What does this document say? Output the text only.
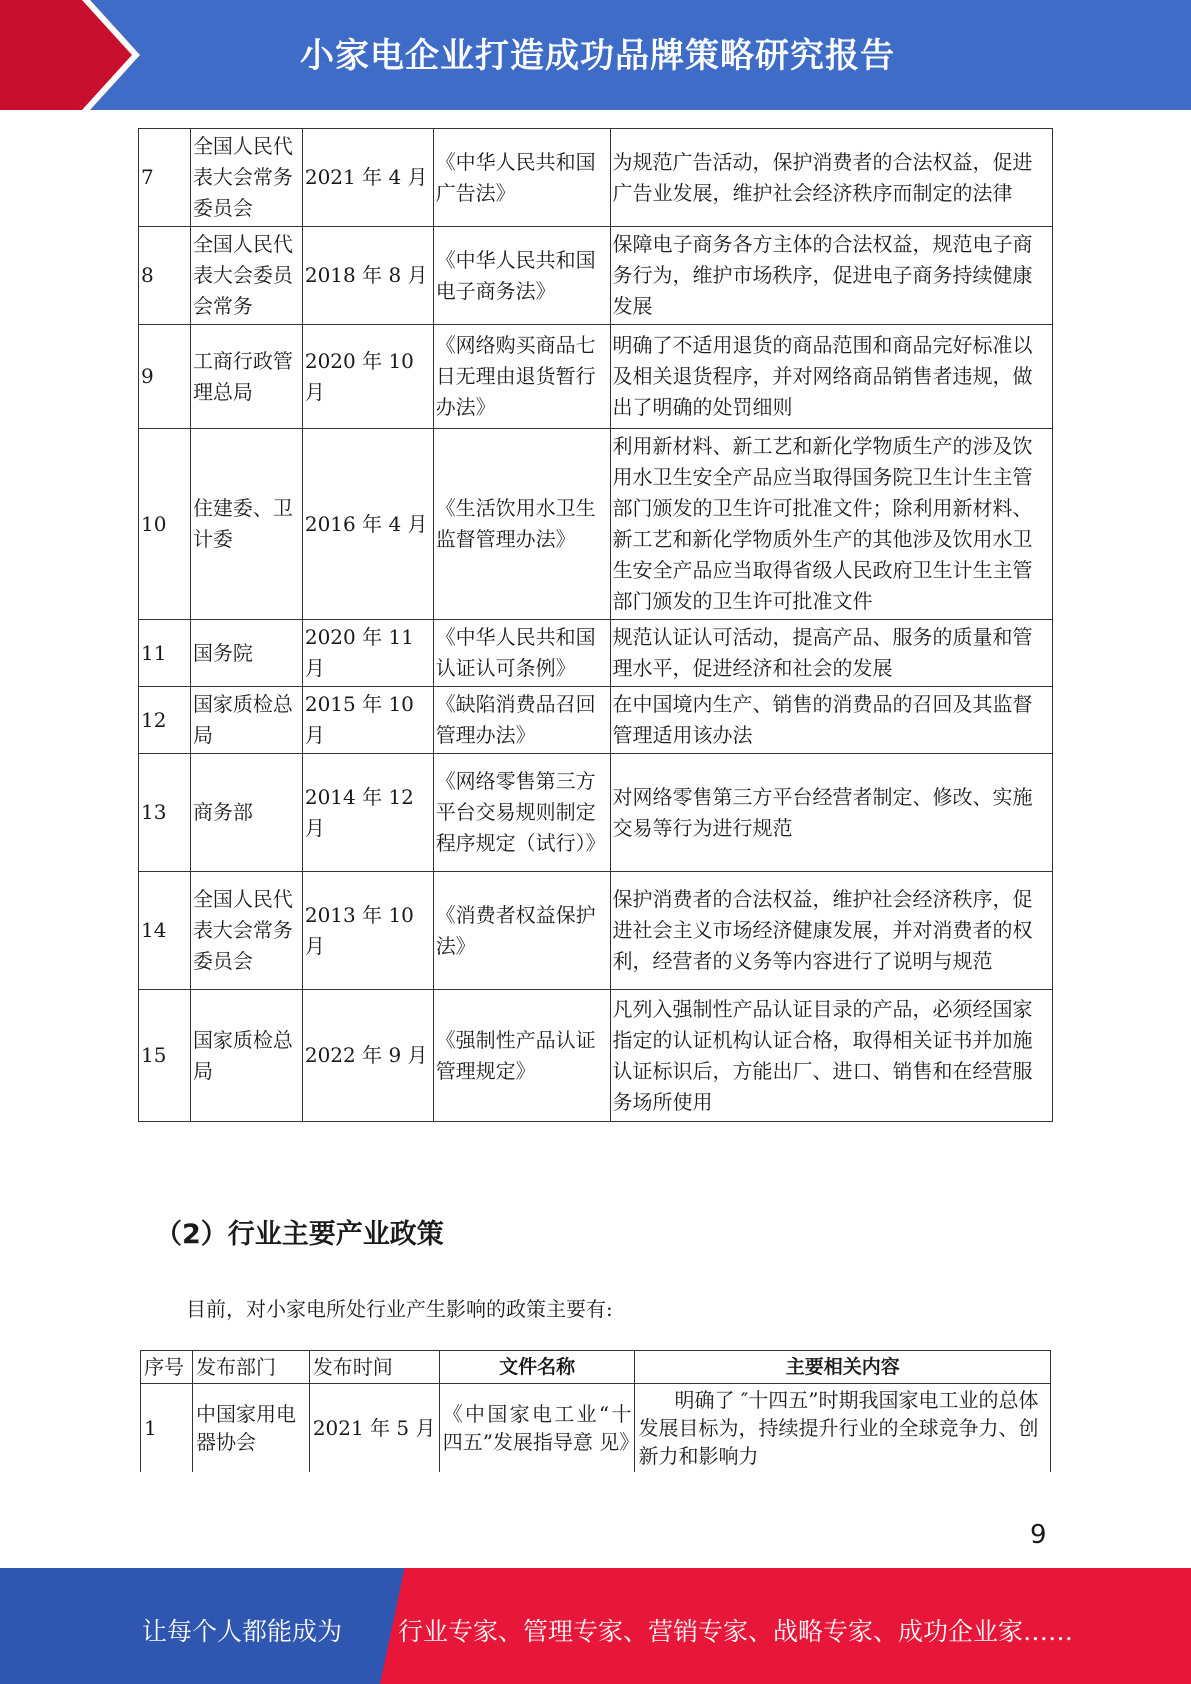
小家电企业打造成功品牌策略研究报告
7	全国人民代表大会常务委员会	2021 年 4 月	《中华人民共和国广告法》	为规范广告活动，保护消费者的合法权益，促进广告业发展，维护社会经济秩序而制定的法律
8	全国人民代表大会委员会常务	2018 年 8 月	《中华人民共和国电子商务法》	保障电子商务各方主体的合法权益，规范电子商务行为，维护市场秩序，促进电子商务持续健康发展
9	工商行政管理总局	2020 年 10 月	《网络购买商品七日无理由退货暂行办法》	明确了不适用退货的商品范围和商品完好标准以及相关退货程序，并对网络商品销售者违规，做出了明确的处罚细则
10	住建委、卫计委	2016 年 4 月	《生活饮用水卫生监督管理办法》	利用新材料、新工艺和新化学物质生产的涉及饮用水卫生安全产品应当取得国务院卫生计生主管部门颁发的卫生许可批准文件；除利用新材料、新工艺和新化学物质外生产的其他涉及饮用水卫生安全产品应当取得省级人民政府卫生计生主管部门颁发的卫生许可批准文件
11	国务院	2020 年 11 月	《中华人民共和国认证认可条例》	规范认证认可活动，提高产品、服务的质量和管理水平，促进经济和社会的发展
12	国家质检总局	2015 年 10 月	《缺陷消费品召回管理办法》	在中国境内生产、销售的消费品的召回及其监督管理适用该办法
13	商务部	2014 年 12 月	《网络零售第三方平台交易规则制定程序规定（试行）》	对网络零售第三方平台经营者制定、修改、实施交易等行为进行规范
14	全国人民代表大会常务委员会	2013 年 10 月	《消费者权益保护法》	保护消费者的合法权益，维护社会经济秩序，促进社会主义市场经济健康发展，并对消费者的权利，经营者的义务等内容进行了说明与规范
15	国家质检总局	2022 年 9 月	《强制性产品认证管理规定》	凡列入强制性产品认证目录的产品，必须经国家指定的认证机构认证合格，取得相关证书并加施认证标识后，方能出厂、进口、销售和在经营服务场所使用
（2）行业主要产业政策
目前，对小家电所处行业产生影响的政策主要有:
序号	发布部门	发布时间	文件名称	主要相关内容
1	中国家用电器协会	2021 年 5 月	《中国家电工业“十 四五”发展指导意 见》	明确了 ″十四五”时期我国家电工业的总体 发展目标为，持续提升行业的全球竞争力、创新力和影响力
9
让每个人都能成为 行业专家、管理专家、营销专家、战略专家、成功企业家……
